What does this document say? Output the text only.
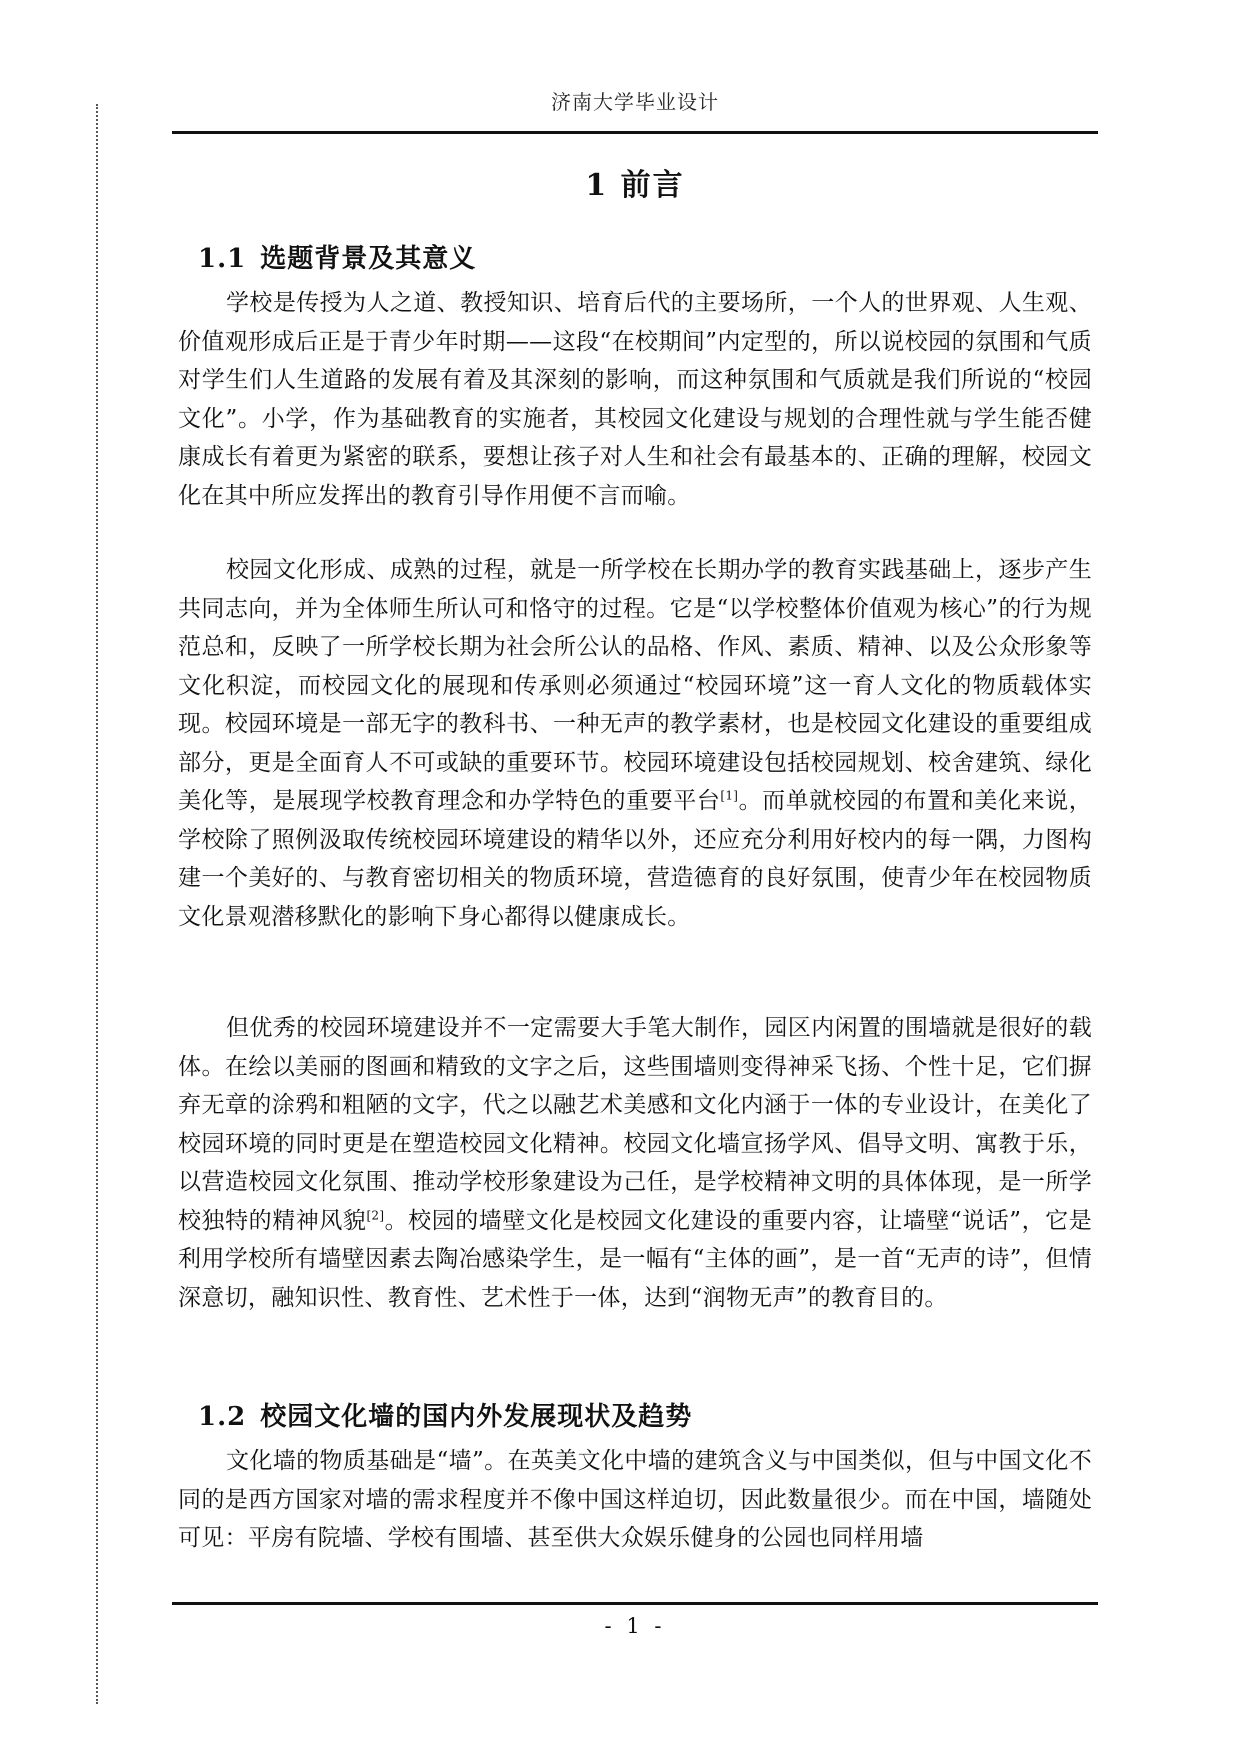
济南大学毕业设计
1 前言
1.1 选题背景及其意义

学校是传授为人之道、教授知识、培育后代的主要场所，一个人的世界观、人生观、价值观形成后正是于青少年时期——这段“在校期间”内定型的，所以说校园的氛围和气质对学生们人生道路的发展有着及其深刻的影响，而这种氛围和气质就是我们所说的“校园文化”。小学，作为基础教育的实施者，其校园文化建设与规划的合理性就与学生能否健康成长有着更为紧密的联系，要想让孩子对人生和社会有最基本的、正确的理解，校园文化在其中所应发挥出的教育引导作用便不言而喻。

校园文化形成、成熟的过程，就是一所学校在长期办学的教育实践基础上，逐步产生共同志向，并为全体师生所认可和恪守的过程。它是“以学校整体价值观为核心”的行为规范总和，反映了一所学校长期为社会所公认的品格、作风、素质、精神、以及公众形象等文化积淀，而校园文化的展现和传承则必须通过“校园环境”这一育人文化的物质载体实现。校园环境是一部无字的教科书、一种无声的教学素材，也是校园文化建设的重要组成部分，更是全面育人不可或缺的重要环节。校园环境建设包括校园规划、校舍建筑、绿化美化等，是展现学校教育理念和办学特色的重要平台[1]。而单就校园的布置和美化来说，学校除了照例汲取传统校园环境建设的精华以外，还应充分利用好校内的每一隅，力图构建一个美好的、与教育密切相关的物质环境，营造德育的良好氛围，使青少年在校园物质文化景观潜移默化的影响下身心都得以健康成长。

但优秀的校园环境建设并不一定需要大手笔大制作，园区内闲置的围墙就是很好的载体。在绘以美丽的图画和精致的文字之后，这些围墙则变得神采飞扬、个性十足，它们摒弃无章的涂鸦和粗陋的文字，代之以融艺术美感和文化内涵于一体的专业设计，在美化了校园环境的同时更是在塑造校园文化精神。校园文化墙宣扬学风、倡导文明、寓教于乐，以营造校园文化氛围、推动学校形象建设为己任，是学校精神文明的具体体现，是一所学校独特的精神风貌[2]。校园的墙壁文化是校园文化建设的重要内容，让墙壁“说话”，它是利用学校所有墙壁因素去陶冶感染学生，是一幅有“主体的画”，是一首“无声的诗”，但情深意切，融知识性、教育性、艺术性于一体，达到“润物无声”的教育目的。

1.2 校园文化墙的国内外发展现状及趋势

文化墙的物质基础是“墙”。在英美文化中墙的建筑含义与中国类似，但与中国文化不同的是西方国家对墙的需求程度并不像中国这样迫切，因此数量很少。而在中国，墙随处可见：平房有院墙、学校有围墙、甚至供大众娱乐健身的公园也同样用墙

- 1 -
